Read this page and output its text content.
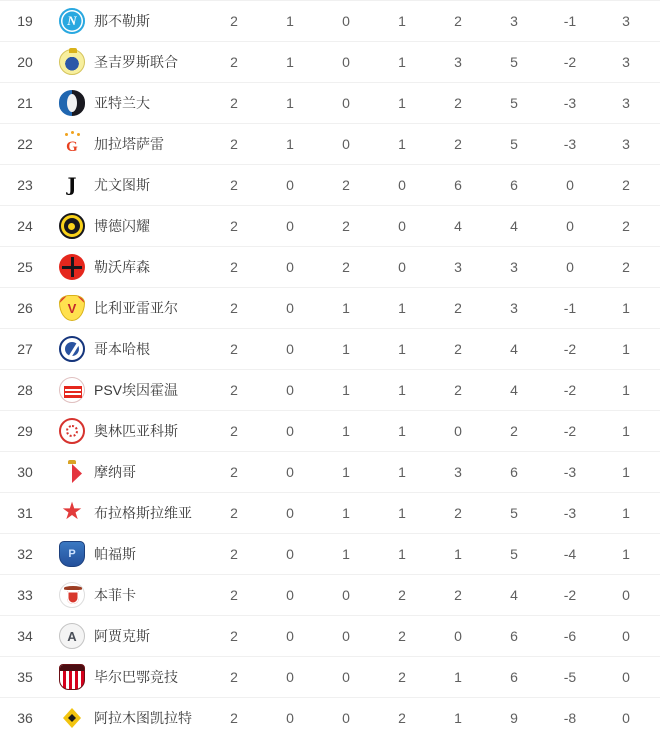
19 N	那不勒斯	2	1	0	1	2	3	-1	3
20	圣吉罗斯联合	2	1	0	1	3	5	-2	3
21	亚特兰大	2	1	0	1	2	5	-3	3
22 G	加拉塔萨雷	2	1	0	1	2	5	-3	3
23 J	尤文图斯	2	0	2	0	6	6	0	2
24	博德闪耀	2	0	2	0	4	4	0	2
25	勒沃库森	2	0	2	0	3	3	0	2
26 V	比利亚雷亚尔	2	0	1	1	2	3	-1	1
27	哥本哈根	2	0	1	1	2	4	-2	1
28	PSV埃因霍温	2	0	1	1	2	4	-2	1
29	奥林匹亚科斯	2	0	1	1	0	2	-2	1
30	摩纳哥	2	0	1	1	3	6	-3	1
31 ★	布拉格斯拉维亚	2	0	1	1	2	5	-3	1
32 P	帕福斯	2	0	1	1	1	5	-4	1
33	本菲卡	2	0	0	2	2	4	-2	0
34 A	阿贾克斯	2	0	0	2	0	6	-6	0
35	毕尔巴鄂竞技	2	0	0	2	1	6	-5	0
36	阿拉木图凯拉特	2	0	0	2	1	9	-8	0
